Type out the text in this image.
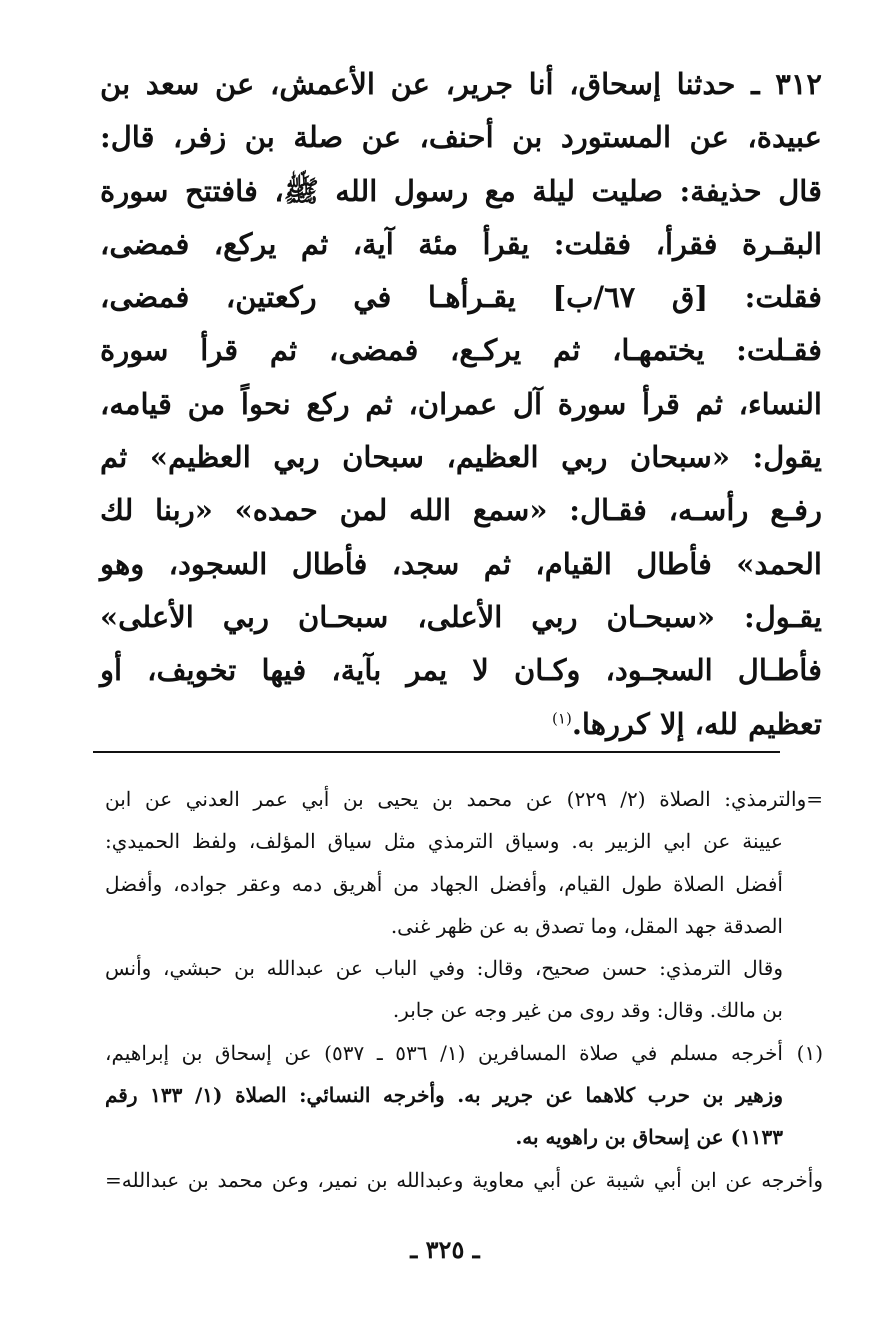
٣١٢ ـ حدثنا إسحاق، أنا جرير، عن الأعمش، عن سعد بن
عبيدة، عن المستورد بن أحنف، عن صلة بن زفر، قال:
قال حذيفة: صليت ليلة مع رسول الله ﷺ، فافتتح سورة
البقـرة فقرأ، فقلت: يقرأ مئة آية، ثم يركع، فمضى،
فقلت: [ق ٦٧/ب] يقـرأهـا في ركعتين، فمضى،
فقـلت: يختمهـا، ثم يركـع، فمضى، ثم قرأ سورة
النساء، ثم قرأ سورة آل عمران، ثم ركع نحواً من قيامه،
يقول: «سبحان ربي العظيم، سبحان ربي العظيم» ثم
رفـع رأسـه، فقـال: «سمع الله لمن حمده» «ربنا لك
الحمد» فأطال القيام، ثم سجد، فأطال السجود، وهو
يقـول: «سبحـان ربي الأعلى، سبحـان ربي الأعلى»
فأطـال السجـود، وكـان لا يمر بآية، فيها تخويف، أو
تعظيم لله، إلا كررها.$^{(١)}$
=والترمذي: الصلاة (٢/ ٢٢٩) عن محمد بن يحيى بن أبي عمر العدني عن ابن
عيينة عن ابي الزبير به. وسياق الترمذي مثل سياق المؤلف، ولفظ الحميدي:
أفضل الصلاة طول القيام، وأفضل الجهاد من أهريق دمه وعقر جواده، وأفضل
الصدقة جهد المقل، وما تصدق به عن ظهر غنى.
وقال الترمذي: حسن صحيح، وقال: وفي الباب عن عبدالله بن حبشي، وأنس
بن مالك. وقال: وقد روى من غير وجه عن جابر.
(١)أخرجه مسلم في صلاة المسافرين (١/ ٥٣٦ ـ ٥٣٧) عن إسحاق بن إبراهيم،
وزهير بن حرب كلاهما عن جرير به. وأخرجه النسائي: الصلاة (١/ ١٣٣ رقم
١١٣٣) عن إسحاق بن راهويه به.
وأخرجه عن ابن أبي شيبة عن أبي معاوية وعبدالله بن نمير، وعن محمد بن عبدالله=
ـ ٣٢٥ ـ
